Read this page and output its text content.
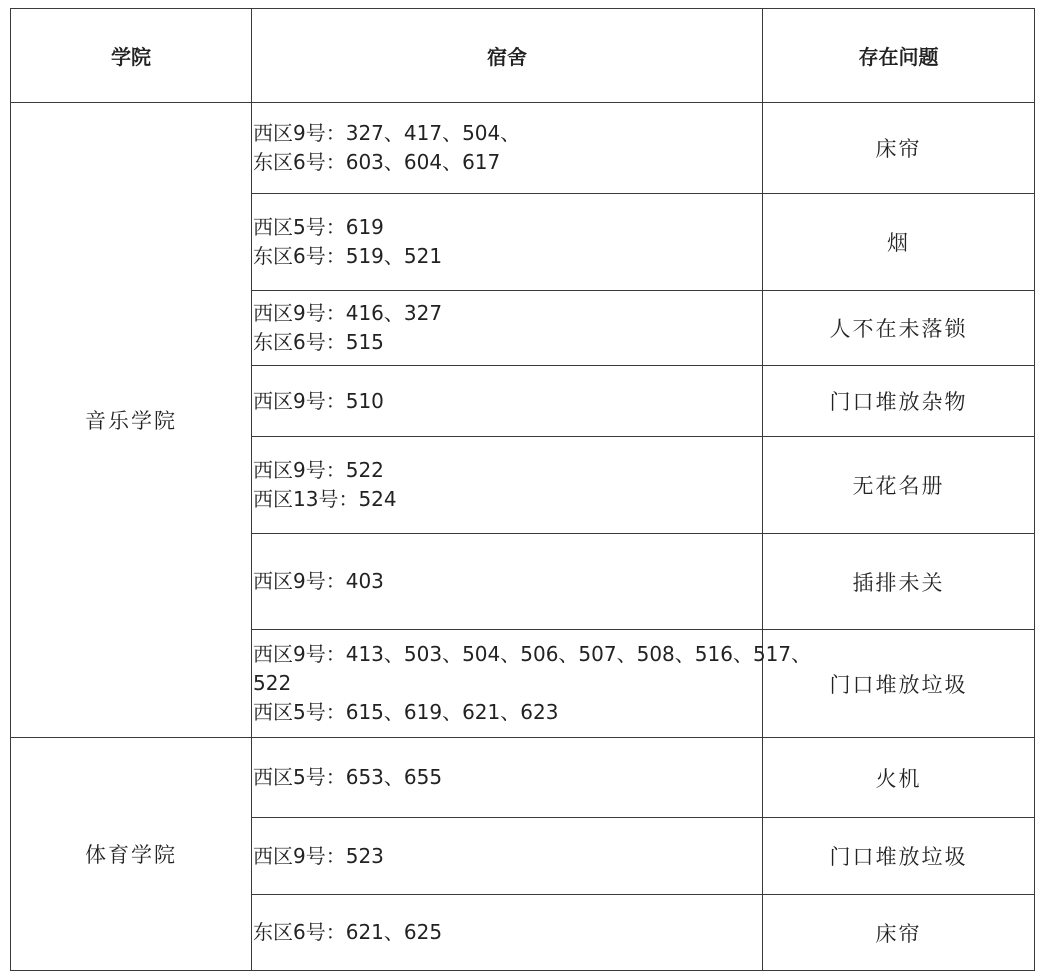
学院	宿舍	存在问题
音乐学院	西区9号：327、417、504、
东区6号：603、604、617	床帘

	西区5号：619
东区6号：519、521	烟

	西区9号：416、327
东区6号：515	人不在未落锁

	西区9号：510	门口堆放杂物

	西区9号：522
西区13号：524	无花名册

	西区9号：403	插排未关

	西区9号：413、503、504、506、507、508、516、517、
522
西区5号：615、619、621、623	门口堆放垃圾
体育学院	西区5号：653、655	火机

	西区9号：523	门口堆放垃圾

	东区6号：621、625	床帘
